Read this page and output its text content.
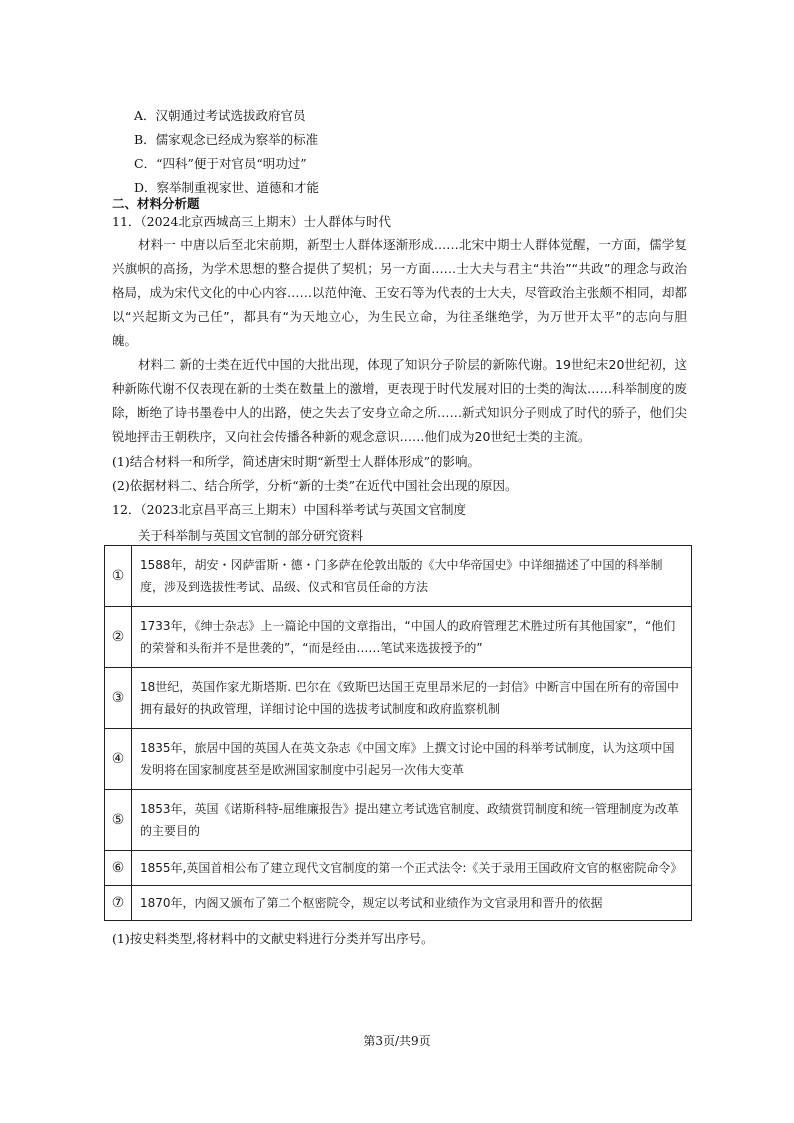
A．汉朝通过考试选拔政府官员
B．儒家观念已经成为察举的标准
C．“四科”便于对官员“明功过”
D．察举制重视家世、道德和才能
二、材料分析题
11．（2024北京西城高三上期末）士人群体与时代

材料一 中唐以后至北宋前期，新型士人群体逐渐形成……北宋中期士人群体觉醒，一方面，儒学复兴旗帜的高扬，为学术思想的整合提供了契机；另一方面……士大夫与君主“共治”“共政”的理念与政治格局，成为宋代文化的中心内容……以范仲淹、王安石等为代表的士大夫，尽管政治主张颇不相同，却都以“兴起斯文为己任”，都具有“为天地立心，为生民立命，为往圣继绝学，为万世开太平”的志向与胆魄。

材料二 新的士类在近代中国的大批出现，体现了知识分子阶层的新陈代谢。19世纪末20世纪初，这种新陈代谢不仅表现在新的士类在数量上的激增，更表现于时代发展对旧的士类的淘汰……科举制度的废除，断绝了诗书墨卷中人的出路，使之失去了安身立命之所……新式知识分子则成了时代的骄子，他们尖锐地抨击王朝秩序，又向社会传播各种新的观念意识……他们成为20世纪士类的主流。

(1)结合材料一和所学，简述唐宋时期“新型士人群体形成”的影响。
(2)依据材料二、结合所学，分析“新的士类”在近代中国社会出现的原因。
12．（2023北京昌平高三上期末）中国科举考试与英国文官制度
关于科举制与英国文官制的部分研究资料
①	1588年，胡安・冈萨雷斯・德・门多萨在伦敦出版的《大中华帝国史》中详细描述了中国的科举制度，涉及到选拔性考试、品级、仪式和官员任命的方法
②	1733年，《绅士杂志》上一篇论中国的文章指出，“中国人的政府管理艺术胜过所有其他国家”，“他们的荣誉和头衔并不是世袭的”，“而是经由……笔试来选拔授予的”
③	18世纪，英国作家尤斯塔斯. 巴尔在《致斯巴达国王克里昂米尼的一封信》中断言中国在所有的帝国中拥有最好的执政管理，详细讨论中国的选拔考试制度和政府监察机制
④	1835年，旅居中国的英国人在英文杂志《中国文库》上撰文讨论中国的科举考试制度，认为这项中国发明将在国家制度甚至是欧洲国家制度中引起另一次伟大变革
⑤	1853年，英国《诺斯科特-屈维廉报告》提出建立考试选官制度、政绩赏罚制度和统一管理制度为改革的主要目的
⑥	1855年,英国首相公布了建立现代文官制度的第一个正式法令:《关于录用王国政府文官的枢密院命令》
⑦	1870年，内阁又颁布了第二个枢密院令，规定以考试和业绩作为文官录用和晋升的依据
(1)按史料类型,将材料中的文献史料进行分类并写出序号。
第3页/共9页
